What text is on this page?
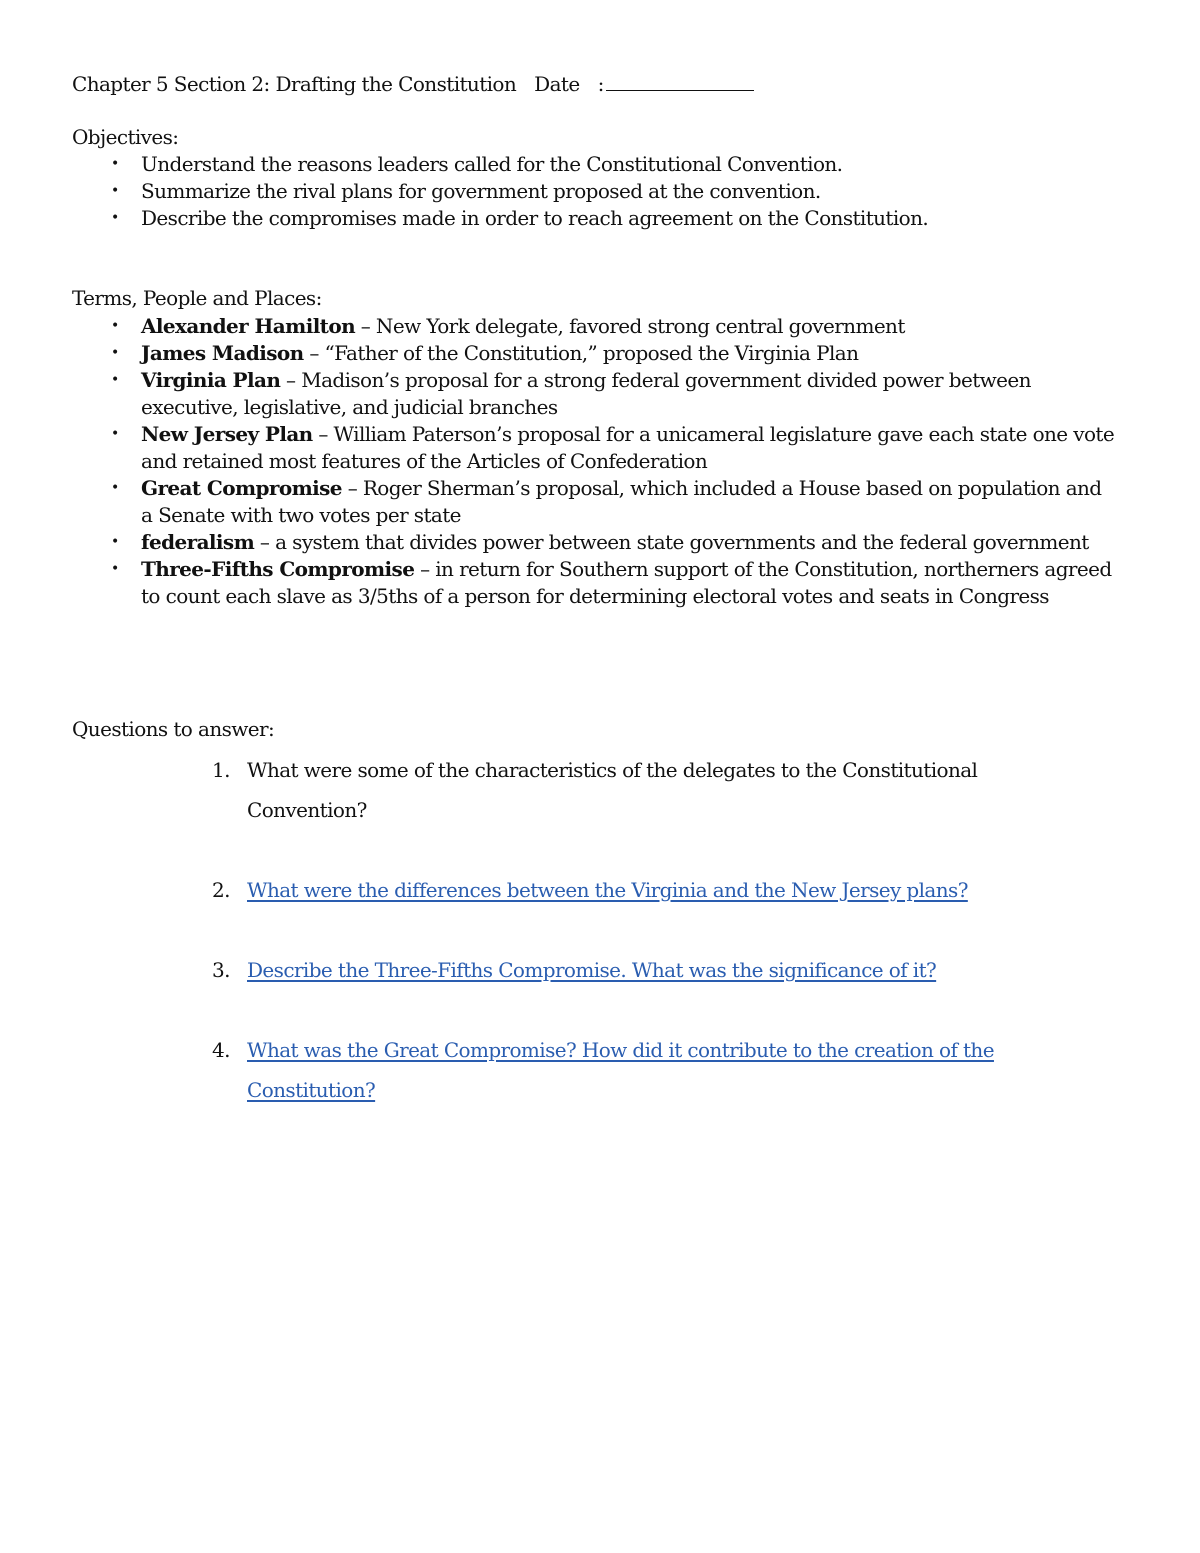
Chapter 5 Section 2: Drafting the Constitution Date :
Objectives:
• Understand the reasons leaders called for the Constitutional Convention.
• Summarize the rival plans for government proposed at the convention.
• Describe the compromises made in order to reach agreement on the Constitution.
Terms, People and Places:
• Alexander Hamilton – New York delegate, favored strong central government
• James Madison – “Father of the Constitution,” proposed the Virginia Plan
• Virginia Plan – Madison’s proposal for a strong federal government divided power between executive, legislative, and judicial branches
• New Jersey Plan – William Paterson’s proposal for a unicameral legislature gave each state one vote and retained most features of the Articles of Confederation
• Great Compromise – Roger Sherman’s proposal, which included a House based on population and a Senate with two votes per state
• federalism – a system that divides power between state governments and the federal government
• Three-Fifths Compromise – in return for Southern support of the Constitution, northerners agreed to count each slave as 3/5ths of a person for determining electoral votes and seats in Congress
Questions to answer:
1. What were some of the characteristics of the delegates to the Constitutional Convention?
2. What were the differences between the Virginia and the New Jersey plans?
3. Describe the Three-Fifths Compromise. What was the significance of it?
4. What was the Great Compromise? How did it contribute to the creation of the Constitution?
